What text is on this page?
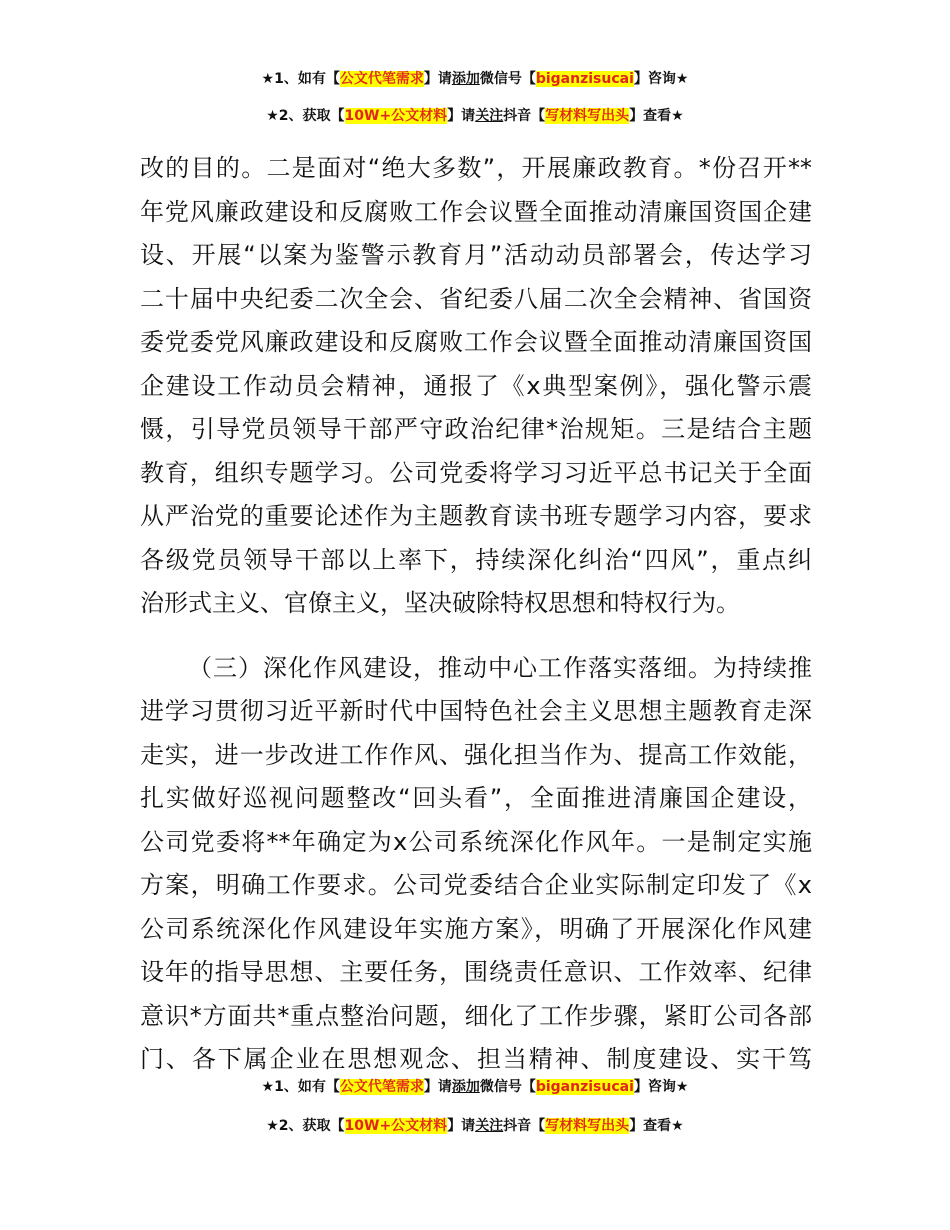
★1、如有【公文代笔需求】请添加微信号【biganzisucai】咨询★
★2、获取【10W+公文材料】请关注抖音【写材料写出头】查看★
改的目的。二是面对“绝大多数”，开展廉政教育。*份召开**
年党风廉政建设和反腐败工作会议暨全面推动清廉国资国企建
设、开展“以案为鉴警示教育月”活动动员部署会，传达学习
二十届中央纪委二次全会、省纪委八届二次全会精神、省国资
委党委党风廉政建设和反腐败工作会议暨全面推动清廉国资国
企建设工作动员会精神，通报了《x典型案例》，强化警示震
慑，引导党员领导干部严守政治纪律*治规矩。三是结合主题
教育，组织专题学习。公司党委将学习习近平总书记关于全面
从严治党的重要论述作为主题教育读书班专题学习内容，要求
各级党员领导干部以上率下，持续深化纠治“四风”，重点纠
治形式主义、官僚主义，坚决破除特权思想和特权行为。
（三）深化作风建设，推动中心工作落实落细。为持续推
进学习贯彻习近平新时代中国特色社会主义思想主题教育走深
走实，进一步改进工作作风、强化担当作为、提高工作效能，
扎实做好巡视问题整改“回头看”，全面推进清廉国企建设，
公司党委将**年确定为x公司系统深化作风年。一是制定实施
方案，明确工作要求。公司党委结合企业实际制定印发了《x
公司系统深化作风建设年实施方案》，明确了开展深化作风建
设年的指导思想、主要任务，围绕责任意识、工作效率、纪律
意识*方面共*重点整治问题，细化了工作步骤，紧盯公司各部
门、各下属企业在思想观念、担当精神、制度建设、实干笃
★1、如有【公文代笔需求】请添加微信号【biganzisucai】咨询★
★2、获取【10W+公文材料】请关注抖音【写材料写出头】查看★
